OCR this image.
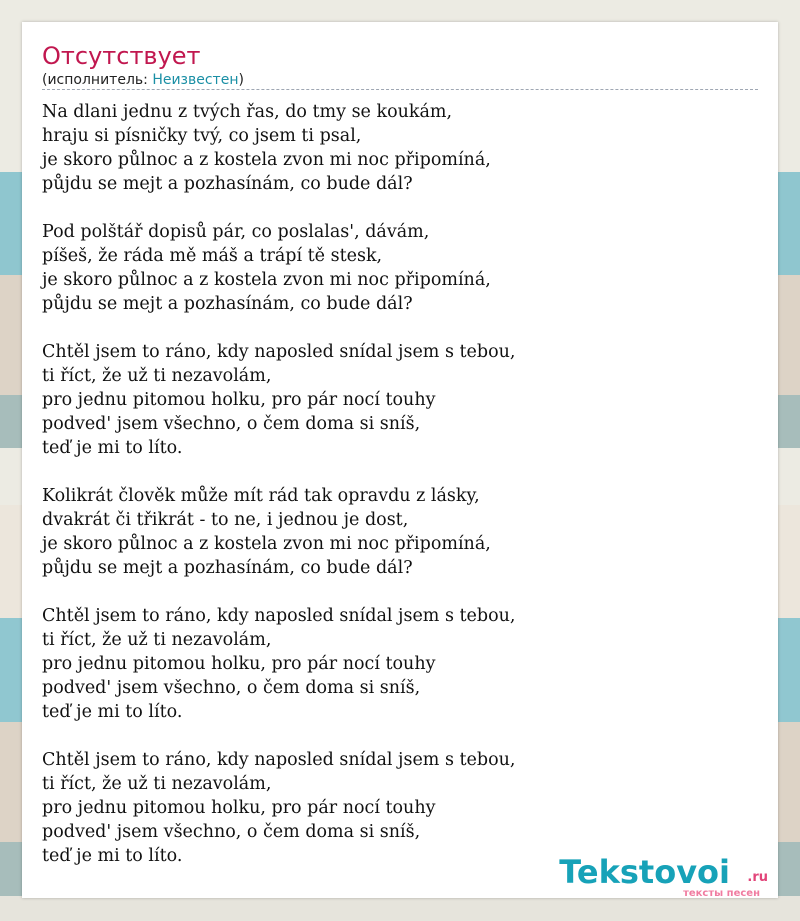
Отсутствует
(исполнитель: Неизвестен)
Na dlani jednu z tvých řas, do tmy se koukám,
hraju si písničky tvý, co jsem ti psal,
je skoro půlnoc a z kostela zvon mi noc připomíná,
půjdu se mejt a pozhasínám, co bude dál?
Pod polštář dopisů pár, co poslalas', dávám,
píšeš, že ráda mě máš a trápí tě stesk,
je skoro půlnoc a z kostela zvon mi noc připomíná,
půjdu se mejt a pozhasínám, co bude dál?
Chtěl jsem to ráno, kdy naposled snídal jsem s tebou,
ti říct, že už ti nezavolám,
pro jednu pitomou holku, pro pár nocí touhy
podved' jsem všechno, o čem doma si sníš,
teď je mi to líto.
Kolikrát člověk může mít rád tak opravdu z lásky,
dvakrát či třikrát - to ne, i jednou je dost,
je skoro půlnoc a z kostela zvon mi noc připomíná,
půjdu se mejt a pozhasínám, co bude dál?
Chtěl jsem to ráno, kdy naposled snídal jsem s tebou,
ti říct, že už ti nezavolám,
pro jednu pitomou holku, pro pár nocí touhy
podved' jsem všechno, o čem doma si sníš,
teď je mi to líto.
Chtěl jsem to ráno, kdy naposled snídal jsem s tebou,
ti říct, že už ti nezavolám,
pro jednu pitomou holku, pro pár nocí touhy
podved' jsem všechno, o čem doma si sníš,
teď je mi to líto.	Tekstovoi .ru
тексты песен
